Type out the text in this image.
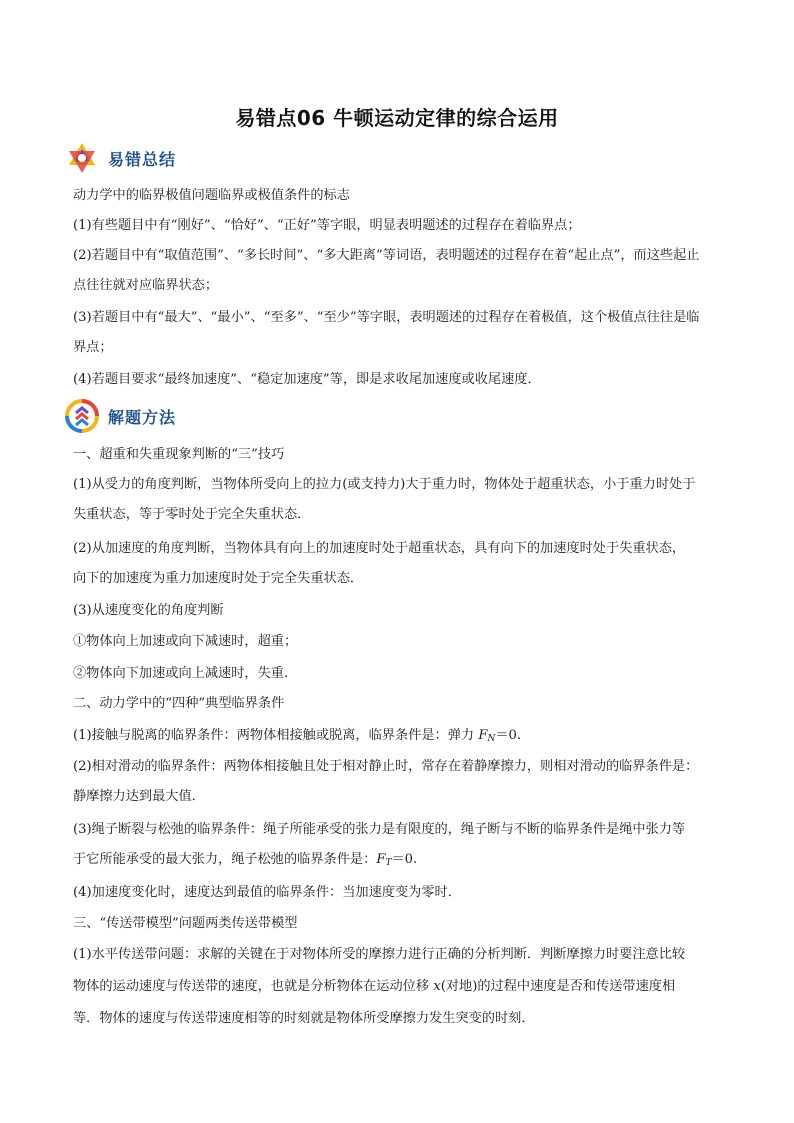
易错点06 牛顿运动定律的综合运用
易错总结
动力学中的临界极值问题临界或极值条件的标志
(1)有些题目中有“刚好”、“恰好”、“正好”等字眼，明显表明题述的过程存在着临界点；
(2)若题目中有“取值范围”、“多长时间”、“多大距离”等词语，表明题述的过程存在着“起止点”，而这些起止
点往往就对应临界状态；
(3)若题目中有“最大”、“最小”、“至多”、“至少”等字眼，表明题述的过程存在着极值，这个极值点往往是临
界点；
(4)若题目要求“最终加速度”、“稳定加速度”等，即是求收尾加速度或收尾速度．
解题方法
一、超重和失重现象判断的“三”技巧
(1)从受力的角度判断，当物体所受向上的拉力(或支持力)大于重力时，物体处于超重状态，小于重力时处于
失重状态，等于零时处于完全失重状态．
(2)从加速度的角度判断，当物体具有向上的加速度时处于超重状态，具有向下的加速度时处于失重状态，
向下的加速度为重力加速度时处于完全失重状态．
(3)从速度变化的角度判断
①物体向上加速或向下减速时，超重；
②物体向下加速或向上减速时，失重．
二、动力学中的“四种”典型临界条件
(1)接触与脱离的临界条件：两物体相接触或脱离，临界条件是：弹力 $F_N=0$.
(2)相对滑动的临界条件：两物体相接触且处于相对静止时，常存在着静摩擦力，则相对滑动的临界条件是：
静摩擦力达到最大值．
(3)绳子断裂与松弛的临界条件：绳子所能承受的张力是有限度的，绳子断与不断的临界条件是绳中张力等
于它所能承受的最大张力，绳子松弛的临界条件是：$F_T=0$.
(4)加速度变化时，速度达到最值的临界条件：当加速度变为零时．
三、“传送带模型”问题两类传送带模型
(1)水平传送带问题：求解的关键在于对物体所受的摩擦力进行正确的分析判断．判断摩擦力时要注意比较
物体的运动速度与传送带的速度，也就是分析物体在运动位移 x(对地)的过程中速度是否和传送带速度相
等．物体的速度与传送带速度相等的时刻就是物体所受摩擦力发生突变的时刻．
